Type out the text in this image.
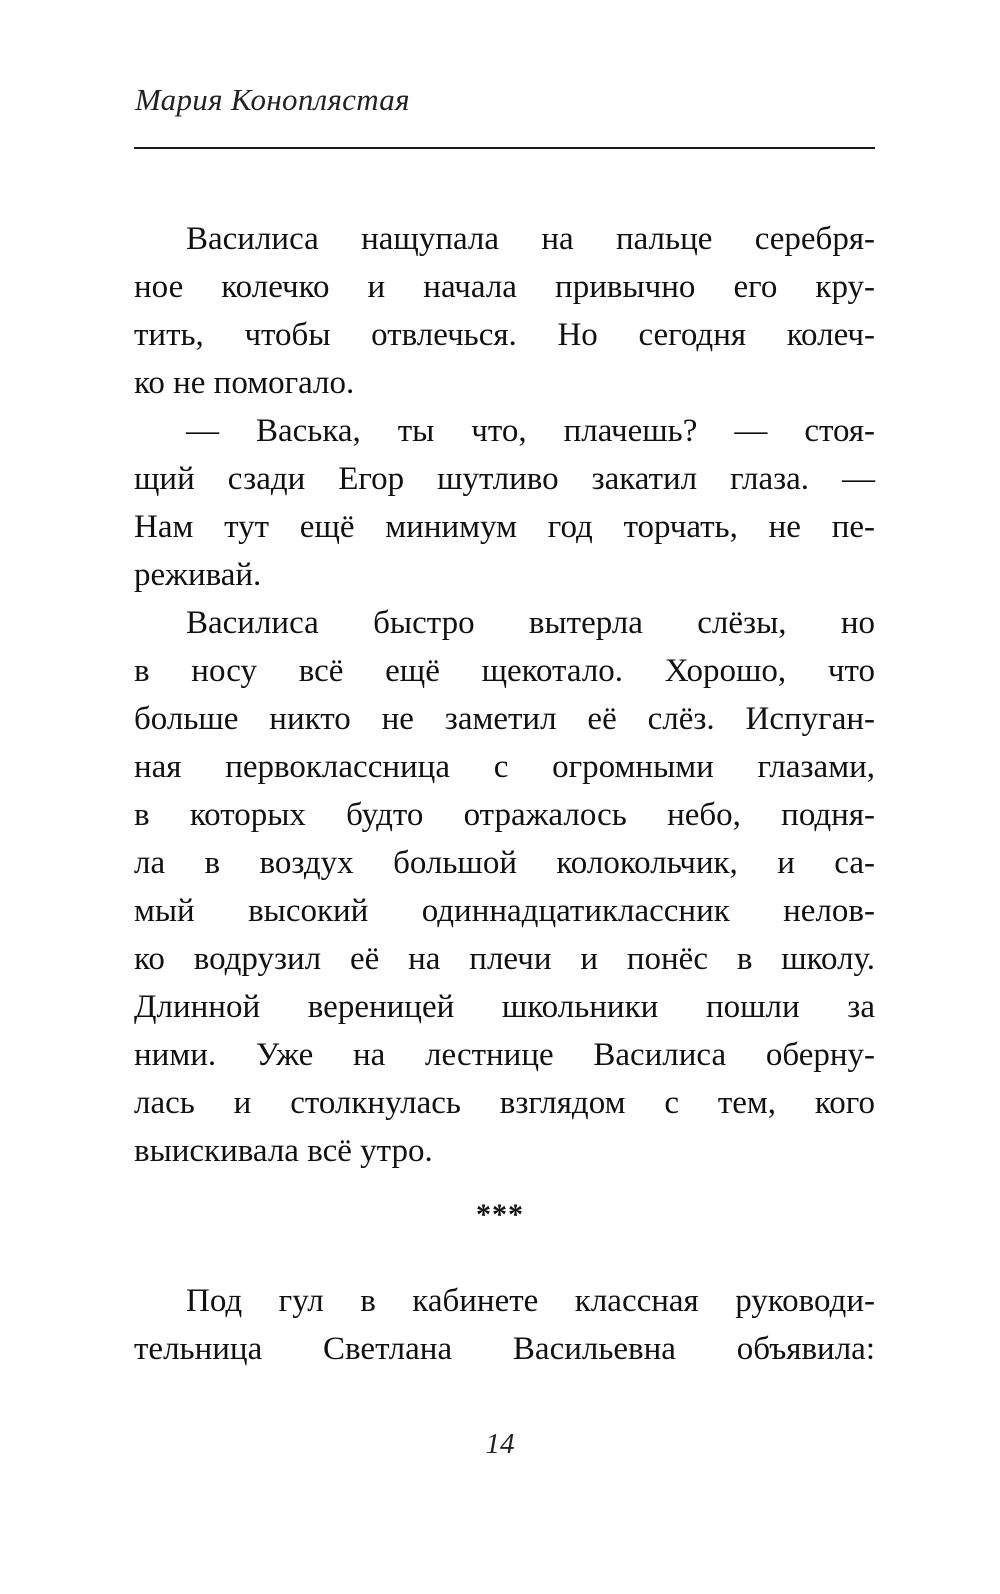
Мария Коноплястая
Василиса нащупала на пальце серебря-
ное колечко и начала привычно его кру-
тить, чтобы отвлечься. Но сегодня колеч-
ко не помогало.
— Васька, ты что, плачешь? — стоя-
щий сзади Егор шутливо закатил глаза. —
Нам тут ещё минимум год торчать, не пе-
реживай.
Василиса быстро вытерла слёзы, но
в носу всё ещё щекотало. Хорошо, что
больше никто не заметил её слёз. Испуган-
ная первоклассница с огромными глазами,
в которых будто отражалось небо, подня-
ла в воздух большой колокольчик, и са-
мый высокий одиннадцатиклассник нелов-
ко водрузил её на плечи и понёс в школу.
Длинной вереницей школьники пошли за
ними. Уже на лестнице Василиса оберну-
лась и столкнулась взглядом с тем, кого
выискивала всё утро.
***
Под гул в кабинете классная руководи-
тельница Светлана Васильевна объявила:
14
